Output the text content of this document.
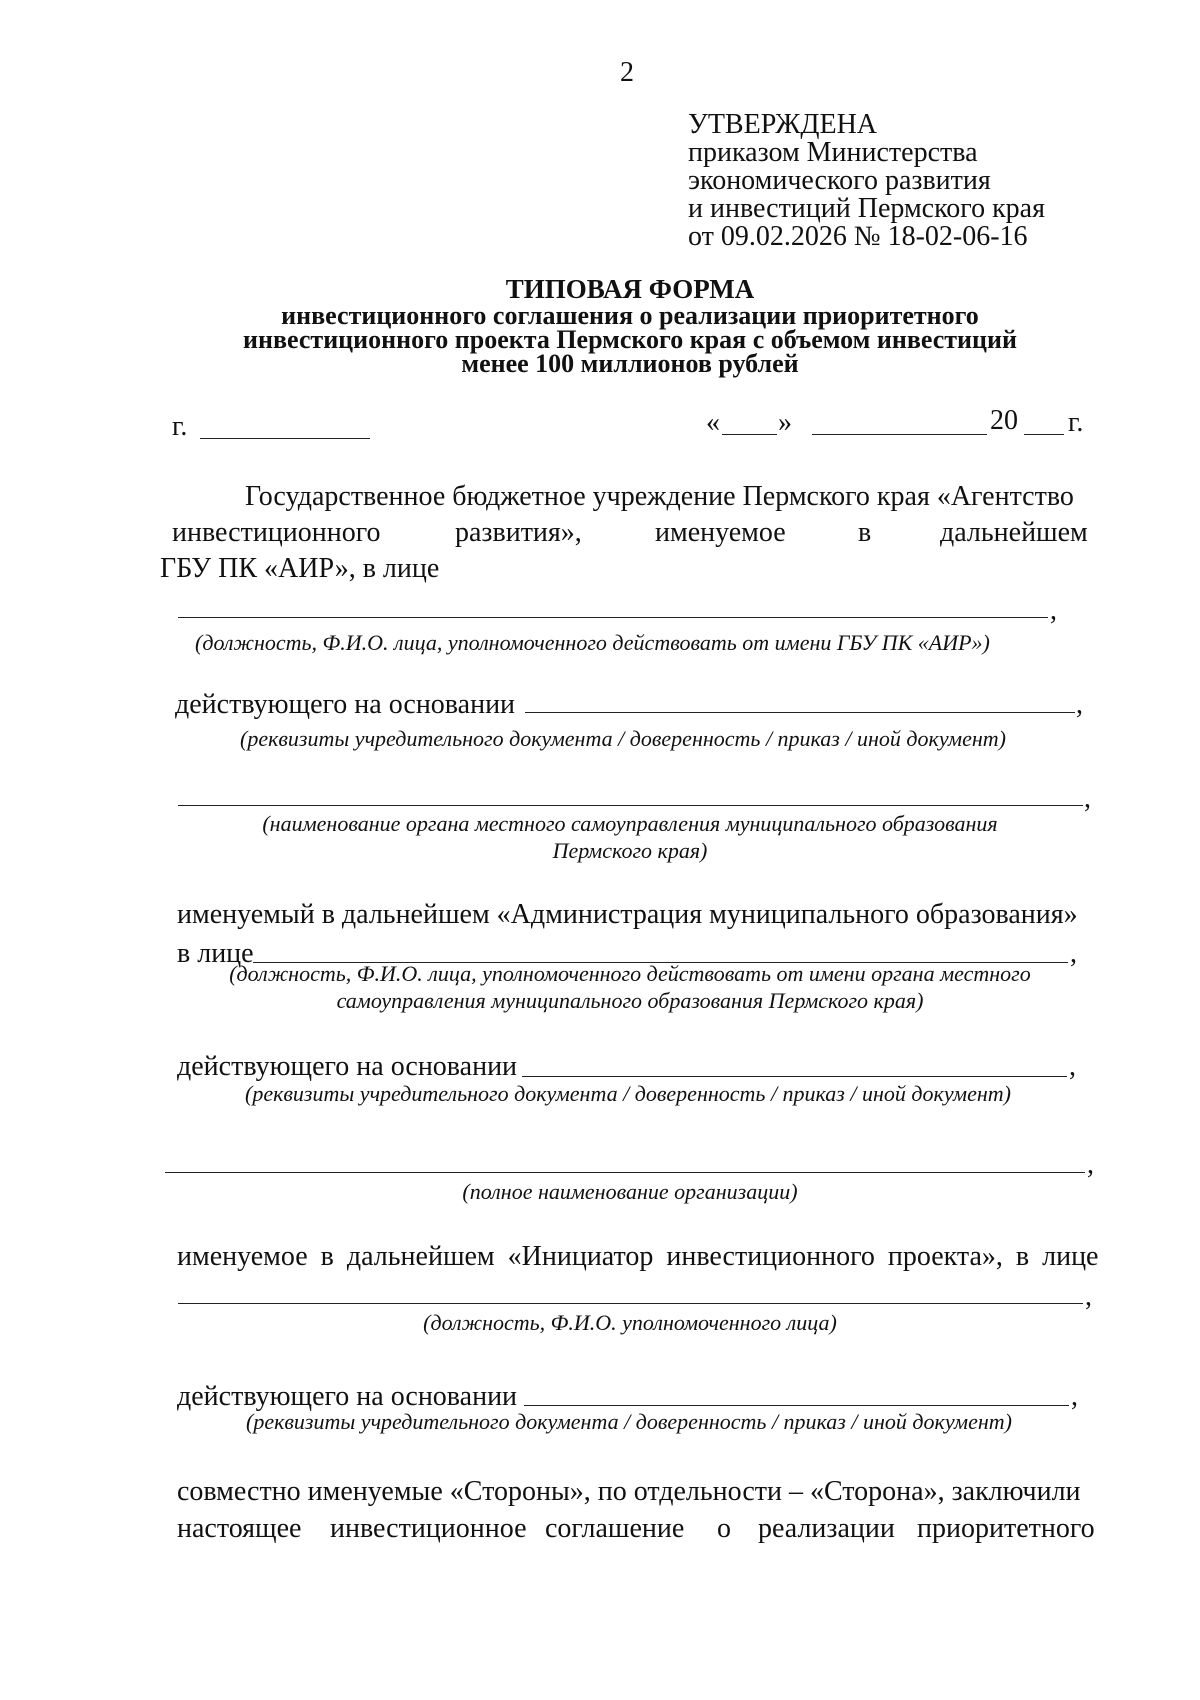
2
УТВЕРЖДЕНА
приказом Министерства
экономического развития
и инвестиций Пермского края
от 09.02.2026 № 18-02-06-16
ТИПОВАЯ ФОРМА
инвестиционного соглашения о реализации приоритетного
инвестиционного проекта Пермского края с объемом инвестиций
менее 100 миллионов рублей
г.	« »	20 г.
Государственное бюджетное учреждение Пермского края «Агентство
инвестиционного	развития»,	именуемое	в дальнейшем
ГБУ ПК «АИР», в лице
,
(должность, Ф.И.О. лица, уполномоченного действовать от имени ГБУ ПК «АИР»)
действующего на основании	,
(реквизиты учредительного документа / доверенность / приказ / иной документ)
,
(наименование органа местного самоуправления муниципального образования
Пермского края)
именуемый в дальнейшем «Администрация муниципального образования»
в лице	,
(должность, Ф.И.О. лица, уполномоченного действовать от имени органа местного
самоуправления муниципального образования Пермского края)
действующего на основании	,
(реквизиты учредительного документа / доверенность / приказ / иной документ)
,
(полное наименование организации)
именуемое в дальнейшем «Инициатор инвестиционного проекта», в лице
,
(должность, Ф.И.О. уполномоченного лица)
действующего на основании	,
(реквизиты учредительного документа / доверенность / приказ / иной документ)
совместно именуемые «Стороны», по отдельности – «Сторона», заключили
настоящее инвестиционное соглашение о реализации приоритетного
